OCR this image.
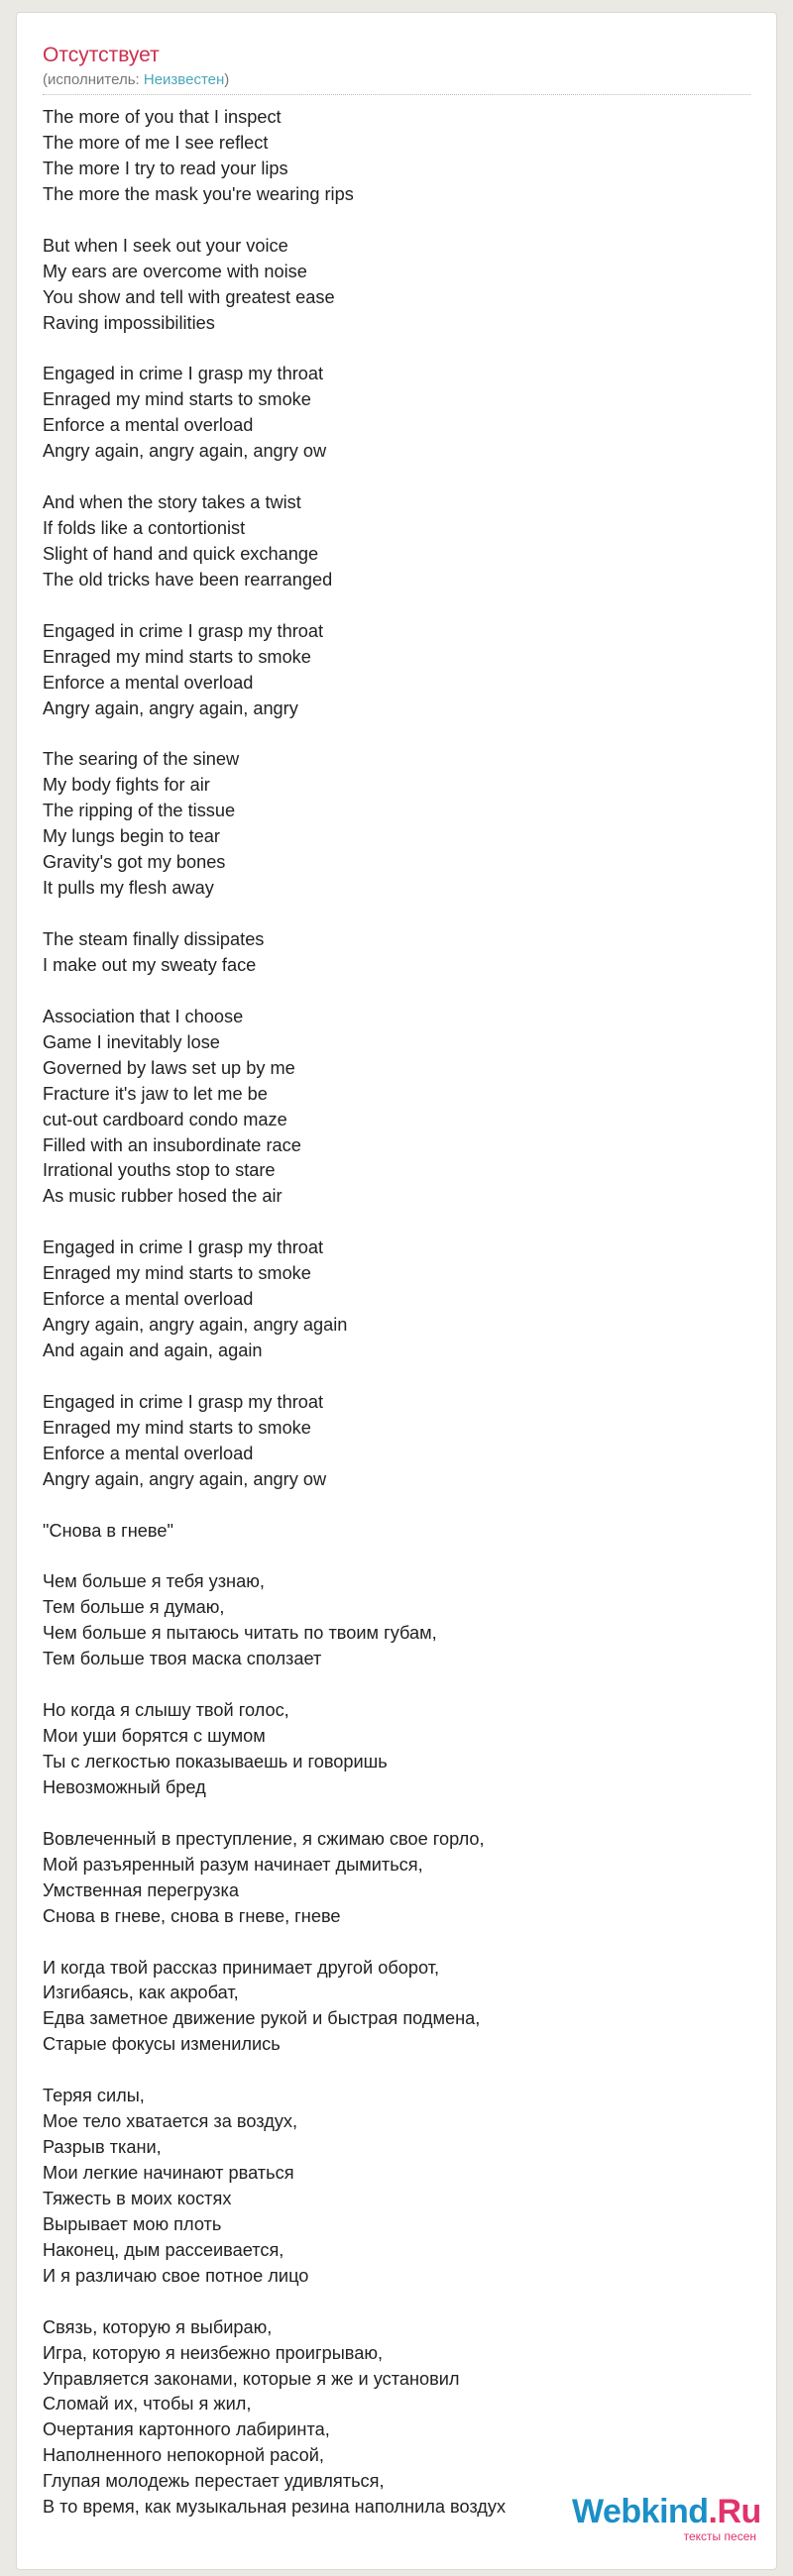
Отсутствует
(исполнитель: Неизвестен)
The more of you that I inspect
The more of me I see reflect
The more I try to read your lips
The more the mask you're wearing rips
But when I seek out your voice
My ears are overcome with noise
You show and tell with greatest ease
Raving impossibilities
Engaged in crime I grasp my throat
Enraged my mind starts to smoke
Enforce a mental overload
Angry again, angry again, angry ow
And when the story takes a twist
If folds like a contortionist
Slight of hand and quick exchange
The old tricks have been rearranged
Engaged in crime I grasp my throat
Enraged my mind starts to smoke
Enforce a mental overload
Angry again, angry again, angry
The searing of the sinew
My body fights for air
The ripping of the tissue
My lungs begin to tear
Gravity's got my bones
It pulls my flesh away
The steam finally dissipates
I make out my sweaty face
Association that I choose
Game I inevitably lose
Governed by laws set up by me
Fracture it's jaw to let me be
cut-out cardboard condo maze
Filled with an insubordinate race
Irrational youths stop to stare
As music rubber hosed the air
Engaged in crime I grasp my throat
Enraged my mind starts to smoke
Enforce a mental overload
Angry again, angry again, angry again
And again and again, again
Engaged in crime I grasp my throat
Enraged my mind starts to smoke
Enforce a mental overload
Angry again, angry again, angry ow
"Снова в гневе"
Чем больше я тебя узнаю,
Тем больше я думаю,
Чем больше я пытаюсь читать по твоим губам,
Тем больше твоя маска сползает
Но когда я слышу твой голос,
Мои уши борятся с шумом
Ты с легкостью показываешь и говоришь
Невозможный бред
Вовлеченный в преступление, я сжимаю свое горло,
Мой разъяренный разум начинает дымиться,
Умственная перегрузка
Снова в гневе, снова в гневе, гневе
И когда твой рассказ принимает другой оборот,
Изгибаясь, как акробат,
Едва заметное движение рукой и быстрая подмена,
Старые фокусы изменились
Теряя силы,
Мое тело хватается за воздух,
Разрыв ткани,
Мои легкие начинают рваться
Тяжесть в моих костях
Вырывает мою плоть
Наконец, дым рассеивается,
И я различаю свое потное лицо
Связь, которую я выбираю,
Игра, которую я неизбежно проигрываю,
Управляется законами, которые я же и установил
Сломай их, чтобы я жил,
Очертания картонного лабиринта,
Наполненного непокорной расой,
Глупая молодежь перестает удивляться,
В то время, как музыкальная резина наполнила воздух	Webkind.Ru
тексты песен
